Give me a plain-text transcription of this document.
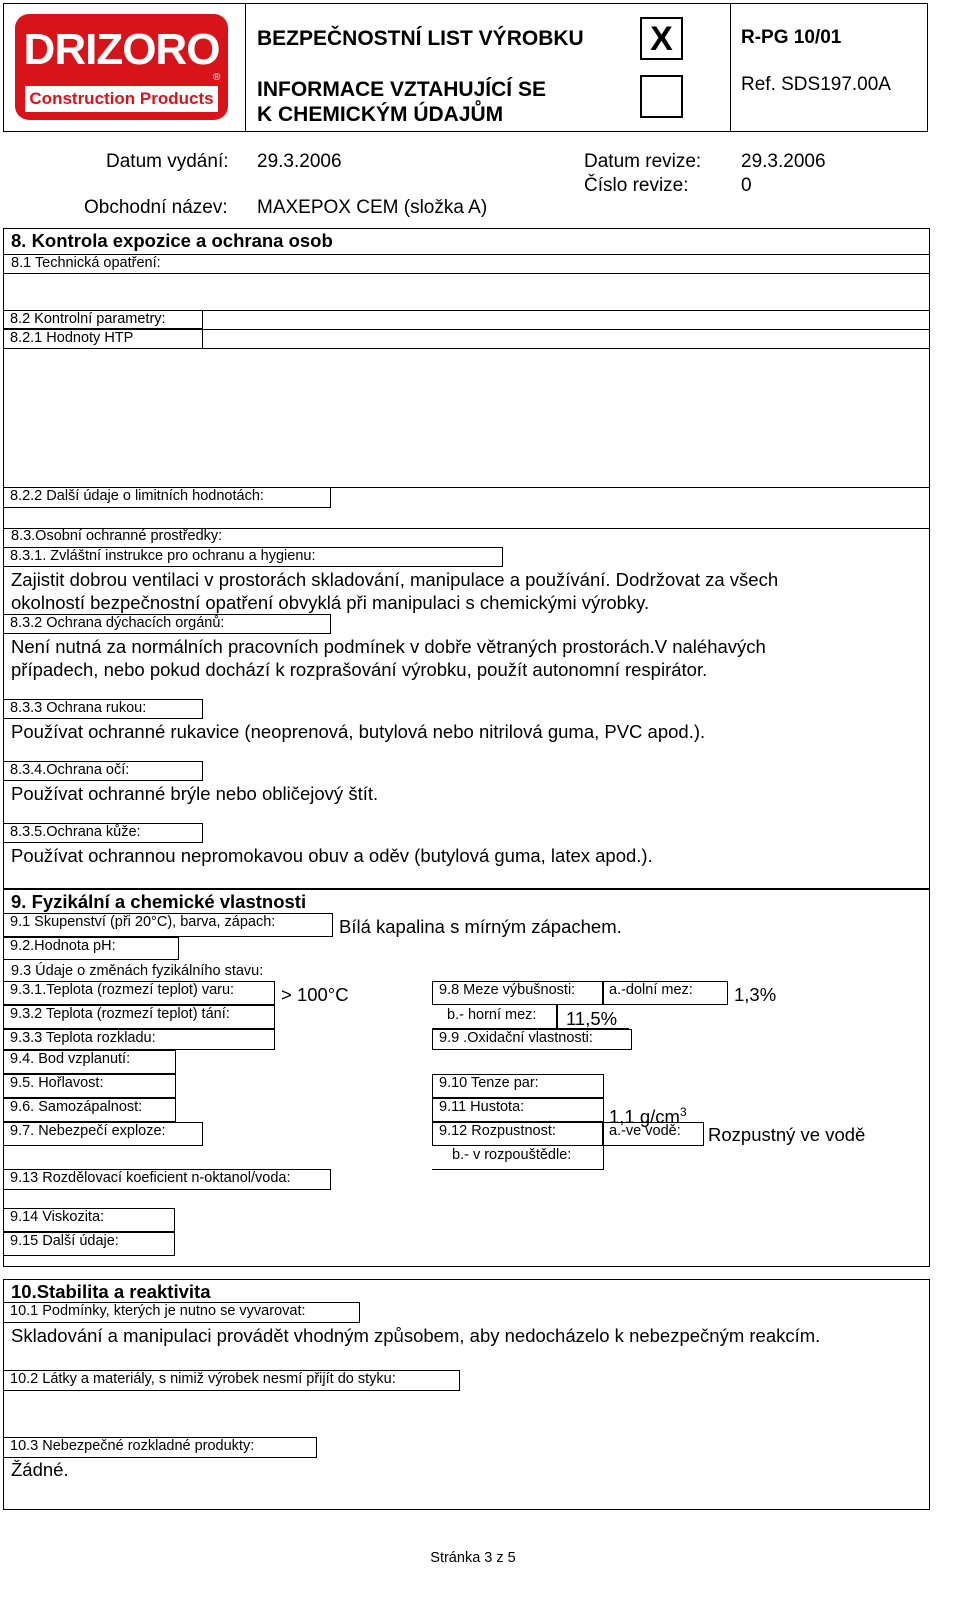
DRIZORO
®
Construction Products
BEZPEČNOSTNÍ LIST VÝROBKU
INFORMACE VZTAHUJÍCÍ SE
K CHEMICKÝM ÚDAJŮM
X	R-PG 10/01
Ref. SDS197.00A
Datum vydání: 29.3.2006	Datum revize: 29.3.2006
Číslo revize:	0
Obchodní název: MAXEPOX CEM (složka A)
8. Kontrola expozice a ochrana osob
8.1 Technická opatření:
8.2 Kontrolní parametry:
8.2.1 Hodnoty HTP
8.2.2 Další údaje o limitních hodnotách:
8.3.Osobní ochranné prostředky:
8.3.1. Zvláštní instrukce pro ochranu a hygienu:
Zajistit dobrou ventilaci v prostorách skladování, manipulace a používání. Dodržovat za všech
okolností bezpečnostní opatření obvyklá při manipulaci s chemickými výrobky.
8.3.2 Ochrana dýchacích orgánů:
Není nutná za normálních pracovních podmínek v dobře větraných prostorách.V naléhavých
případech, nebo pokud dochází k rozprašování výrobku, použít autonomní respirátor.
8.3.3 Ochrana rukou:
Používat ochranné rukavice (neoprenová, butylová nebo nitrilová guma, PVC apod.).
8.3.4.Ochrana očí:
Používat ochranné brýle nebo obličejový štít.
8.3.5.Ochrana kůže:
Používat ochrannou nepromokavou obuv a oděv (butylová guma, latex apod.).
9. Fyzikální a chemické vlastnosti
9.1 Skupenství (při 20°C), barva, zápach:	Bílá kapalina s mírným zápachem.
9.2.Hodnota pH:
9.3 Údaje o změnách fyzikálního stavu:
9.3.1.Teplota (rozmezí teplot) varu:	> 100°C
9.3.2 Teplota (rozmezí teplot) tání:
9.3.3 Teplota rozkladu:
9.4. Bod vzplanutí:
9.5. Hořlavost:
9.6. Samozápalnost:
9.7. Nebezpečí exploze:
9.8 Meze výbušnosti:	a.-dolní mez:	1,3%
b.- horní mez: 11,5%
9.9 .Oxidační vlastnosti:
9.10 Tenze par:
9.11 Hustota:	1,1 $g/cm^3$
9.12 Rozpustnost:	a.-ve vodě:	Rozpustný ve vodě
b.- v rozpouštědle:
9.13 Rozdělovací koeficient n-oktanol/voda:
9.14 Viskozita:
9.15 Další údaje:
10.Stabilita a reaktivita
10.1 Podmínky, kterých je nutno se vyvarovat:
Skladování a manipulaci provádět vhodným způsobem, aby nedocházelo k nebezpečným reakcím.
10.2 Látky a materiály, s nimiž výrobek nesmí přijít do styku:
10.3 Nebezpečné rozkladné produkty:
Žádné.
Stránka 3 z 5
